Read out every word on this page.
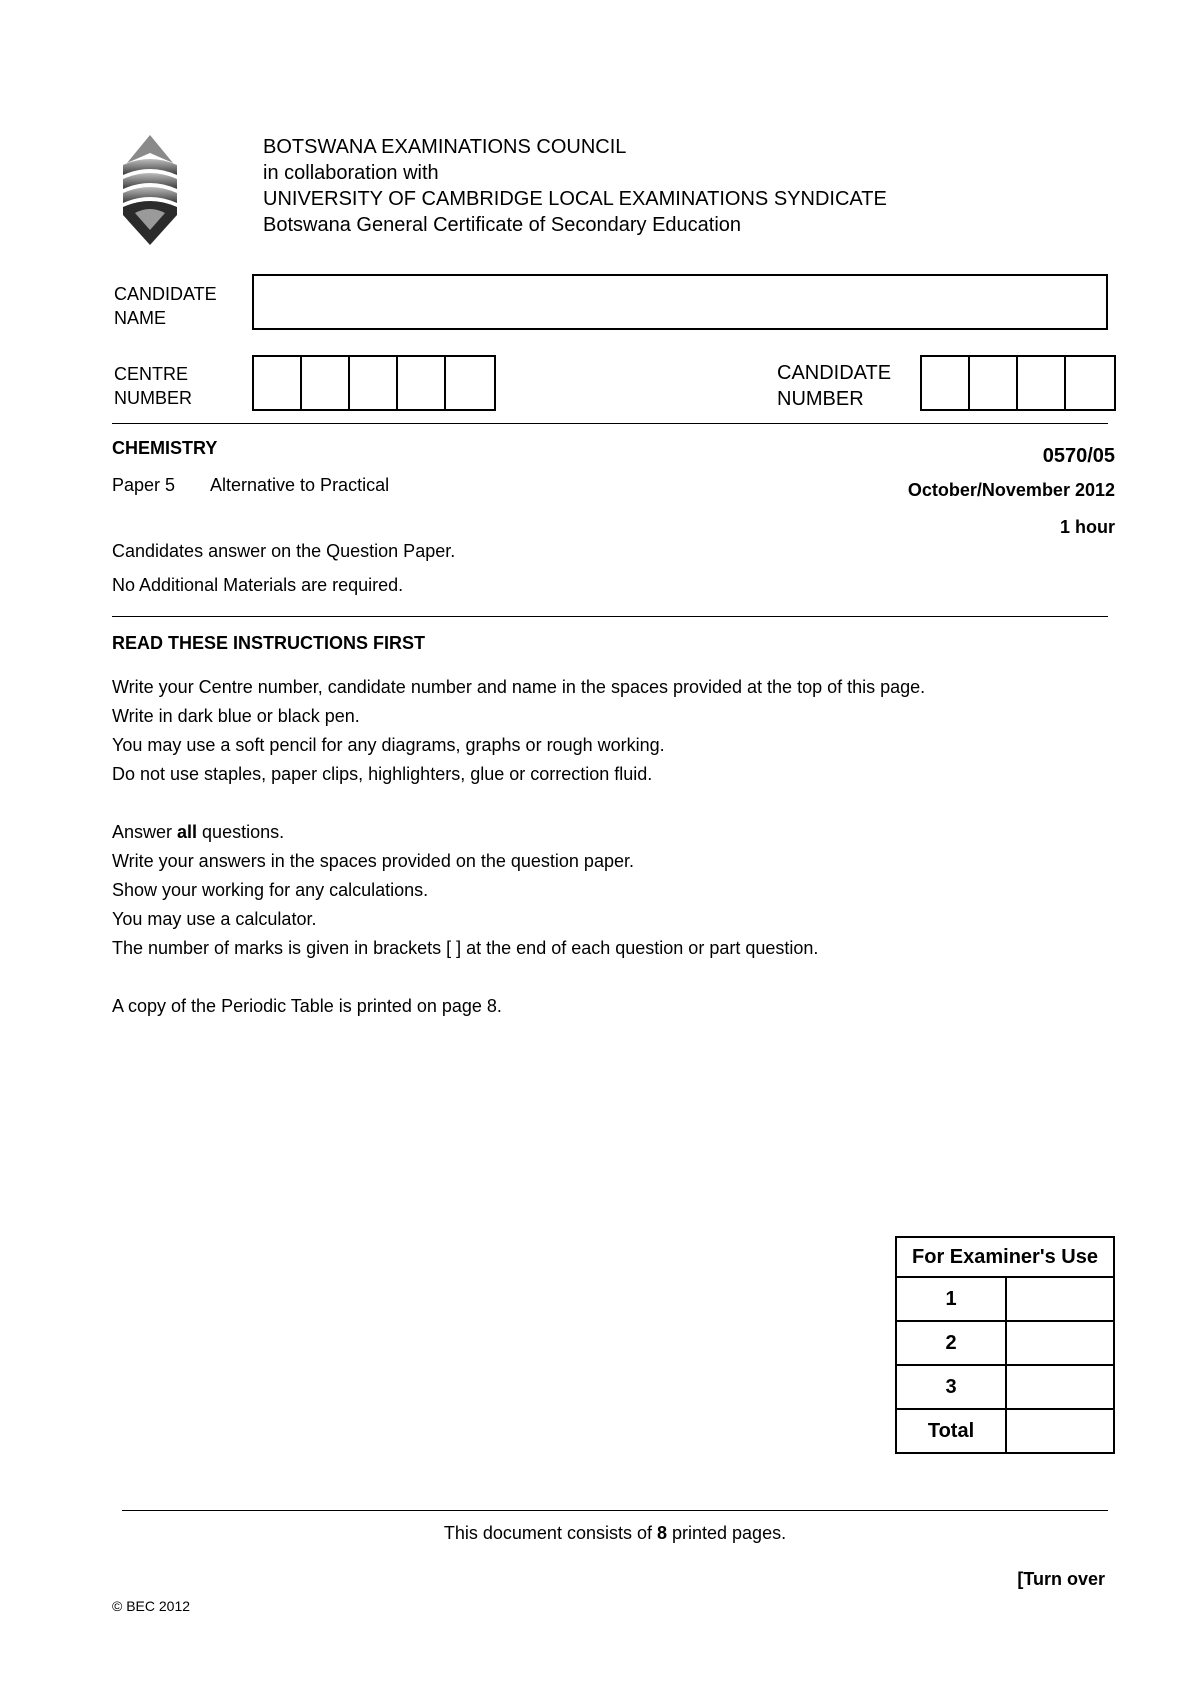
BOTSWANA EXAMINATIONS COUNCIL
in collaboration with
UNIVERSITY OF CAMBRIDGE LOCAL EXAMINATIONS SYNDICATE
Botswana General Certificate of Secondary Education
CANDIDATE
NAME
CENTRE
NUMBER
CANDIDATE
NUMBER
CHEMISTRY	0570/05
Paper 5 Alternative to Practical	October/November 2012
1 hour
Candidates answer on the Question Paper.
No Additional Materials are required.
READ THESE INSTRUCTIONS FIRST
Write your Centre number, candidate number and name in the spaces provided at the top of this page.
Write in dark blue or black pen.
You may use a soft pencil for any diagrams, graphs or rough working.
Do not use staples, paper clips, highlighters, glue or correction fluid.
Answer all questions.
Write your answers in the spaces provided on the question paper.
Show your working for any calculations.
You may use a calculator.
The number of marks is given in brackets [ ] at the end of each question or part question.
A copy of the Periodic Table is printed on page 8.
For Examiner's Use	
1	
2	
3	
Total	
This document consists of 8 printed pages.
[Turn over
© BEC 2012
